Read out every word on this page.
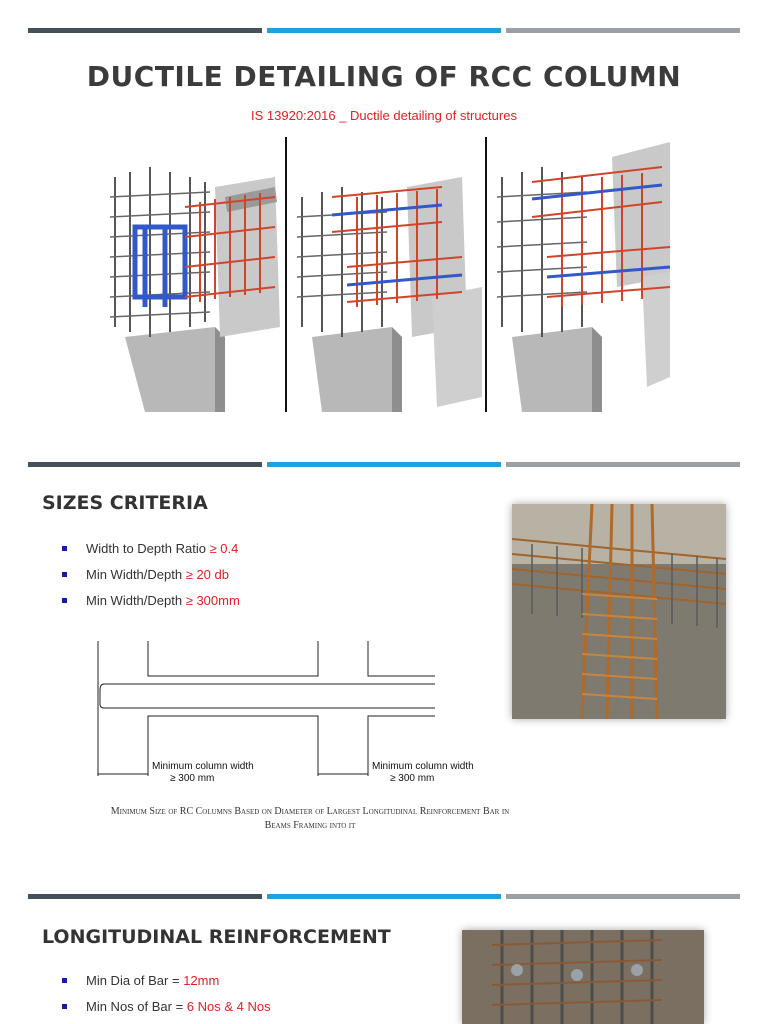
DUCTILE DETAILING OF RCC COLUMN
IS 13920:2016 _ Ductile detailing of structures
SIZES CRITERIA
Width to Depth Ratio ≥ 0.4
Min Width/Depth ≥ 20 db
Min Width/Depth ≥ 300mm
Minimum column width
≥ 300 mm
Minimum column width
≥ 300 mm
Minimum Size of RC Columns Based on Diameter of Largest Longitudinal Reinforcement Bar in
Beams Framing into it
LONGITUDINAL REINFORCEMENT
Min Dia of Bar = 12mm
Min Nos of Bar = 6 Nos & 4 Nos
